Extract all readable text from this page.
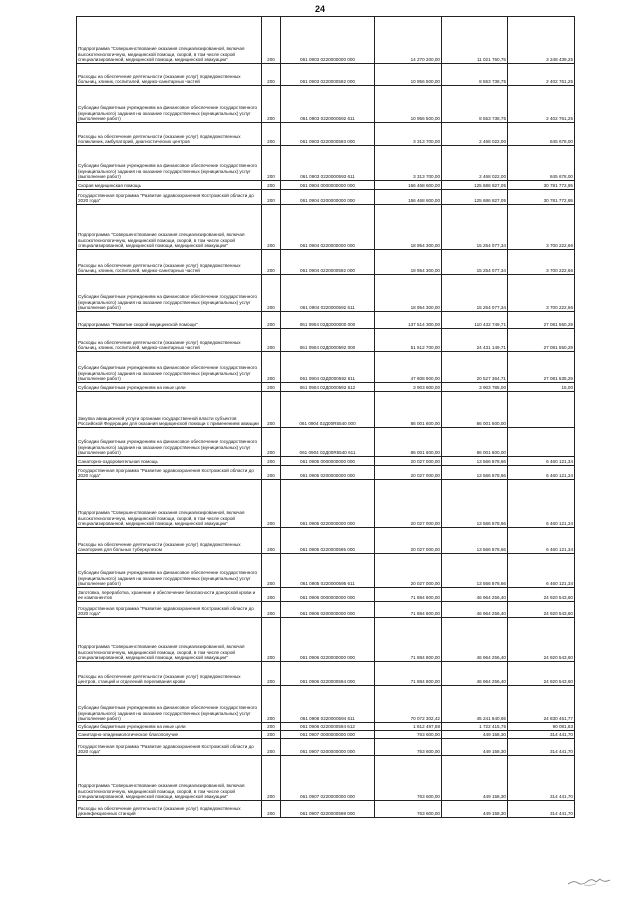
24
Подпрограмма "Совершенствование оказания специализированной, включая высокотехнологичную, медицинской помощи, скорой, в том числе скорой специализированной, медицинской помощи, медицинской эвакуации"	200	061 0903 0220000000 000	14 270 200,00	11 021 760,75	3 248 439,25
Расходы на обеспечение деятельности (оказание услуг) подведомственных больниц, клиник, госпиталей, медико-санитарных частей	200	061 0903 0220000592 000	10 956 500,00	8 553 738,75	2 402 761,25
Субсидии бюджетным учреждениям на финансовое обеспечение государственного (муниципального) задания на оказание государственных (муниципальных) услуг (выполнение работ)	200	061 0903 0220000592 611	10 956 500,00	8 553 738,75	2 402 761,25
Расходы на обеспечение деятельности (оказание услуг) подведомственных поликлиник, амбулаторий, диагностических центров	200	061 0903 0220000593 000	3 313 700,00	2 468 022,00	845 678,00
Субсидии бюджетным учреждениям на финансовое обеспечение государственного (муниципального) задания на оказание государственных (муниципальных) услуг (выполнение работ)	200	061 0903 0220000593 611	3 313 700,00	2 468 022,00	845 678,00
Скорая медицинская помощь	200	061 0904 0000000000 000	156 468 600,00	125 686 827,05	30 781 772,95
Государственная программа "Развитие здравоохранения Костромской области до 2020 года"	200	061 0904 0200000000 000	156 468 600,00	125 686 827,05	30 781 772,95
Подпрограмма "Совершенствование оказания специализированной, включая высокотехнологичную, медицинской помощи, скорой, в том числе скорой специализированной, медицинской помощи, медицинской эвакуации"	200	061 0904 0220000000 000	18 954 300,00	15 254 077,34	3 700 222,66
Расходы на обеспечение деятельности (оказание услуг) подведомственных больниц, клиник, госпиталей, медико-санитарных частей	200	061 0904 0220000592 000	18 954 300,00	15 254 077,34	3 700 222,66
Субсидии бюджетным учреждениям на финансовое обеспечение государственного (муниципального) задания на оказание государственных (муниципальных) услуг (выполнение работ)	200	061 0904 0220000592 611	18 954 300,00	15 254 077,34	3 700 222,66
Подпрограмма "Развитие скорой медицинской помощи"	200	061 0904 02Д0000000 000	137 514 300,00	110 432 749,71	27 081 550,29
Расходы на обеспечение деятельности (оказание услуг) подведомственных больниц, клиник, госпиталей, медико-санитарных частей	200	061 0904 02Д0000592 000	51 512 700,00	24 431 149,71	27 081 550,29
Субсидии бюджетным учреждениям на финансовое обеспечение государственного (муниципального) задания на оказание государственных (муниципальных) услуг (выполнение работ)	200	061 0904 02Д0000592 611	47 608 900,00	20 527 364,71	27 081 535,29
Субсидии бюджетным учреждениям на иные цели	200	061 0904 02Д0000592 612	3 903 800,00	3 903 785,00	15,00
Закупка авиационной услуги органами государственной власти субъектов Российской Федерации для оказания медицинской помощи с применением авиации	200	061 0904 02Д00R5540 000	86 001 600,00	86 001 600,00	
Субсидии бюджетным учреждениям на финансовое обеспечение государственного (муниципального) задания на оказание государственных (муниципальных) услуг (выполнение работ)	200	061 0904 02Д00R5540 611	86 001 600,00	86 001 600,00	
Санаторно-оздоровительная помощь	200	061 0905 0000000000 000	20 027 000,00	13 566 878,66	6 460 121,34
Государственная программа "Развитие здравоохранения Костромской области до 2020 года"	200	061 0905 0200000000 000	20 027 000,00	13 566 878,66	6 460 121,34
Подпрограмма "Совершенствование оказания специализированной, включая высокотехнологичную, медицинской помощи, скорой, в том числе скорой специализированной, медицинской помощи, медицинской эвакуации"	200	061 0905 0220000000 000	20 027 000,00	13 566 878,66	6 460 121,34
Расходы на обеспечение деятельности (оказание услуг) подведомственных санаториев для больных туберкулезом	200	061 0905 0220000595 000	20 027 000,00	13 566 878,66	6 460 121,34
Субсидии бюджетным учреждениям на финансовое обеспечение государственного (муниципального) задания на оказание государственных (муниципальных) услуг (выполнение работ)	200	061 0905 0220000595 611	20 027 000,00	13 566 878,66	6 460 121,34
Заготовка, переработка, хранение и обеспечение безопасности донорской крови и ее компонентов	200	061 0906 0000000000 000	71 884 800,00	46 964 256,40	24 920 543,60
Государственная программа "Развитие здравоохранения Костромской области до 2020 года"	200	061 0906 0200000000 000	71 884 800,00	46 964 256,40	24 920 543,60
Подпрограмма "Совершенствование оказания специализированной, включая высокотехнологичную, медицинской помощи, скорой, в том числе скорой специализированной, медицинской помощи, медицинской эвакуации"	200	061 0906 0220000000 000	71 884 800,00	46 964 256,40	24 920 543,60
Расходы на обеспечение деятельности (оказание услуг) подведомственных центров, станций и отделений переливания крови	200	061 0906 0220000594 000	71 884 800,00	46 964 256,40	24 920 543,60
Субсидии бюджетным учреждениям на финансовое обеспечение государственного (муниципального) задания на оказание государственных (муниципальных) услуг (выполнение работ)	200	061 0906 0220000594 611	70 072 302,42	45 241 840,65	24 830 461,77
Субсидии бюджетным учреждениям на иные цели	200	061 0906 0220000594 612	1 812 497,58	1 722 415,75	90 081,83
Санитарно-эпидемиологическое благополучие	200	061 0907 0000000000 000	763 600,00	449 158,30	314 441,70
Государственная программа "Развитие здравоохранения Костромской области до 2020 года"	200	061 0907 0200000000 000	763 600,00	449 158,30	314 441,70
Подпрограмма "Совершенствование оказания специализированной, включая высокотехнологичную, медицинской помощи, скорой, в том числе скорой специализированной, медицинской помощи, медицинской эвакуации"	200	061 0907 0220000000 000	763 600,00	449 158,30	314 441,70
Расходы на обеспечение деятельности (оказание услуг) подведомственных дезинфекционных станций	200	061 0907 0220000598 000	763 600,00	449 158,30	314 441,70
